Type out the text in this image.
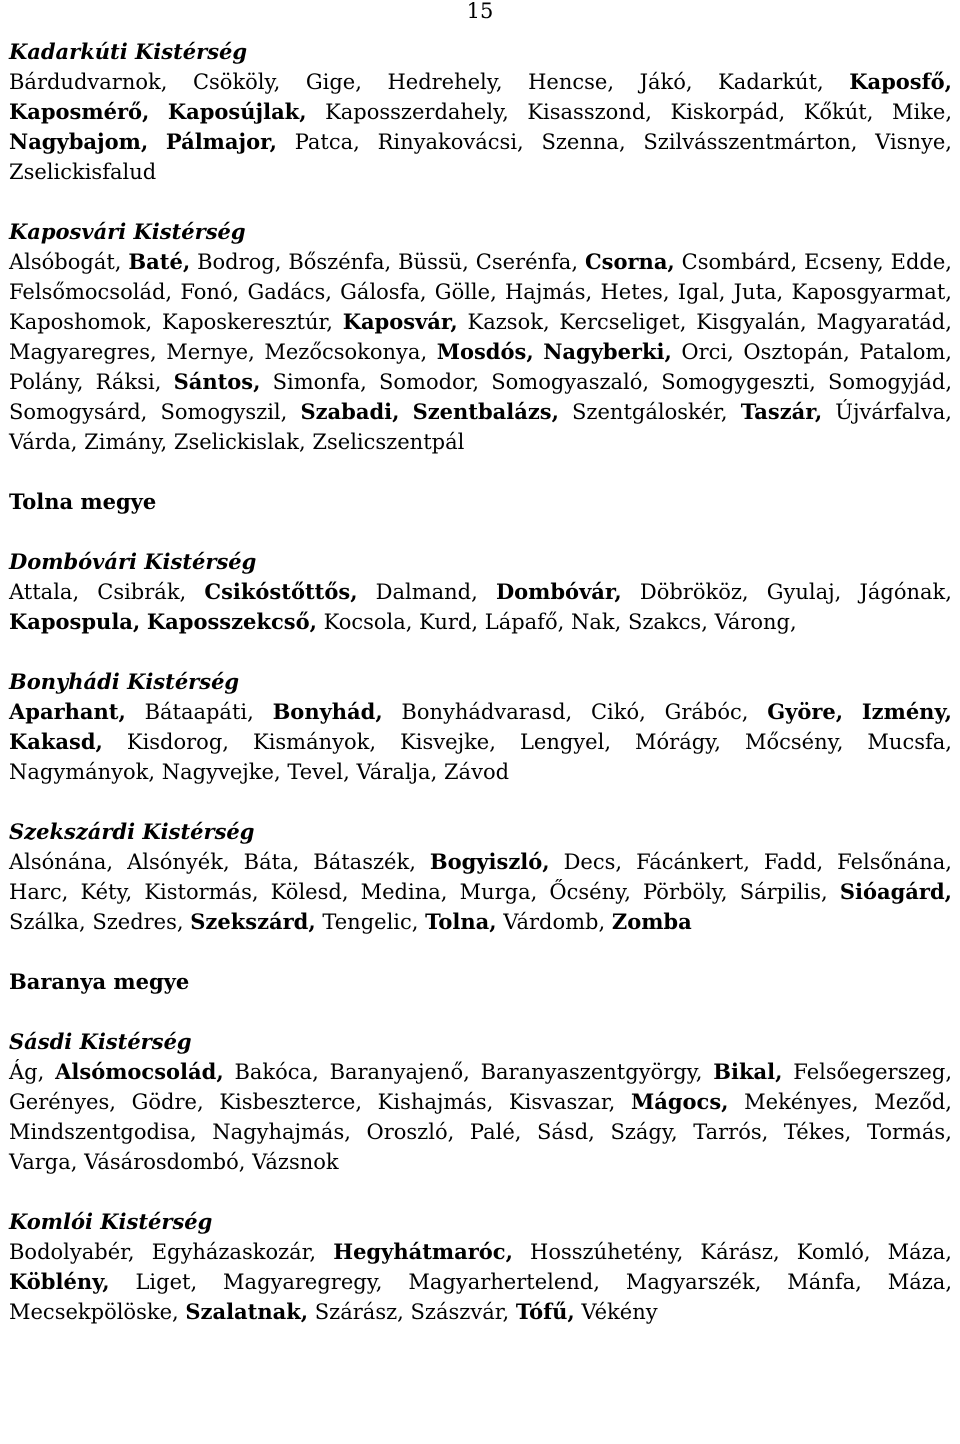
15
Kadarkúti Kistérség

Bárdudvarnok, Csököly, Gige, Hedrehely, Hencse, Jákó, Kadarkút, Kaposfő, Kaposmérő, Kaposújlak, Kaposszerdahely, Kisasszond, Kiskorpád, Kőkút, Mike, Nagybajom, Pálmajor, Patca, Rinyakovácsi, Szenna, Szilvásszentmárton, Visnye, Zselickisfalud

Kaposvári Kistérség

Alsóbogát, Baté, Bodrog, Bőszénfa, Büssü, Cserénfa, Csorna, Csombárd, Ecseny, Edde, Felsőmocsolád, Fonó, Gadács, Gálosfa, Gölle, Hajmás, Hetes, Igal, Juta, Kaposgyarmat, Kaposhomok, Kaposkeresztúr, Kaposvár, Kazsok, Kercseliget, Kisgyalán, Magyaratád, Magyaregres, Mernye, Mezőcsokonya, Mosdós, Nagyberki, Orci, Osztopán, Patalom, Polány, Ráksi, Sántos, Simonfa, Somodor, Somogyaszaló, Somogygeszti, Somogyjád, Somogysárd, Somogyszil, Szabadi, Szentbalázs, Szentgáloskér, Taszár, Újvárfalva, Várda, Zimány, Zselickislak, Zselicszentpál

Tolna megye
Dombóvári Kistérség

Attala, Csibrák, Csikóstőttős, Dalmand, Dombóvár, Döbrököz, Gyulaj, Jágónak, Kapospula, Kaposszekcső, Kocsola, Kurd, Lápafő, Nak, Szakcs, Várong,

Bonyhádi Kistérség

Aparhant, Bátaapáti, Bonyhád, Bonyhádvarasd, Cikó, Grábóc, Györe, Izmény, Kakasd, Kisdorog, Kismányok, Kisvejke, Lengyel, Mórágy, Mőcsény, Mucsfa, Nagymányok, Nagyvejke, Tevel, Váralja, Závod

Szekszárdi Kistérség

Alsónána, Alsónyék, Báta, Bátaszék, Bogyiszló, Decs, Fácánkert, Fadd, Felsőnána, Harc, Kéty, Kistormás, Kölesd, Medina, Murga, Őcsény, Pörböly, Sárpilis, Sióagárd, Szálka, Szedres, Szekszárd, Tengelic, Tolna, Várdomb, Zomba

Baranya megye
Sásdi Kistérség

Ág, Alsómocsolád, Bakóca, Baranyajenő, Baranyaszentgyörgy, Bikal, Felsőegerszeg, Gerényes, Gödre, Kisbeszterce, Kishajmás, Kisvaszar, Mágocs, Mekényes, Meződ, Mindszentgodisa, Nagyhajmás, Oroszló, Palé, Sásd, Szágy, Tarrós, Tékes, Tormás, Varga, Vásárosdombó, Vázsnok

Komlói Kistérség

Bodolyabér, Egyházaskozár, Hegyhátmaróc, Hosszúhetény, Kárász, Komló, Máza, Köblény, Liget, Magyaregregy, Magyarhertelend, Magyarszék, Mánfa, Máza, Mecsekpölöske, Szalatnak, Szárász, Szászvár, Tófű, Vékény
